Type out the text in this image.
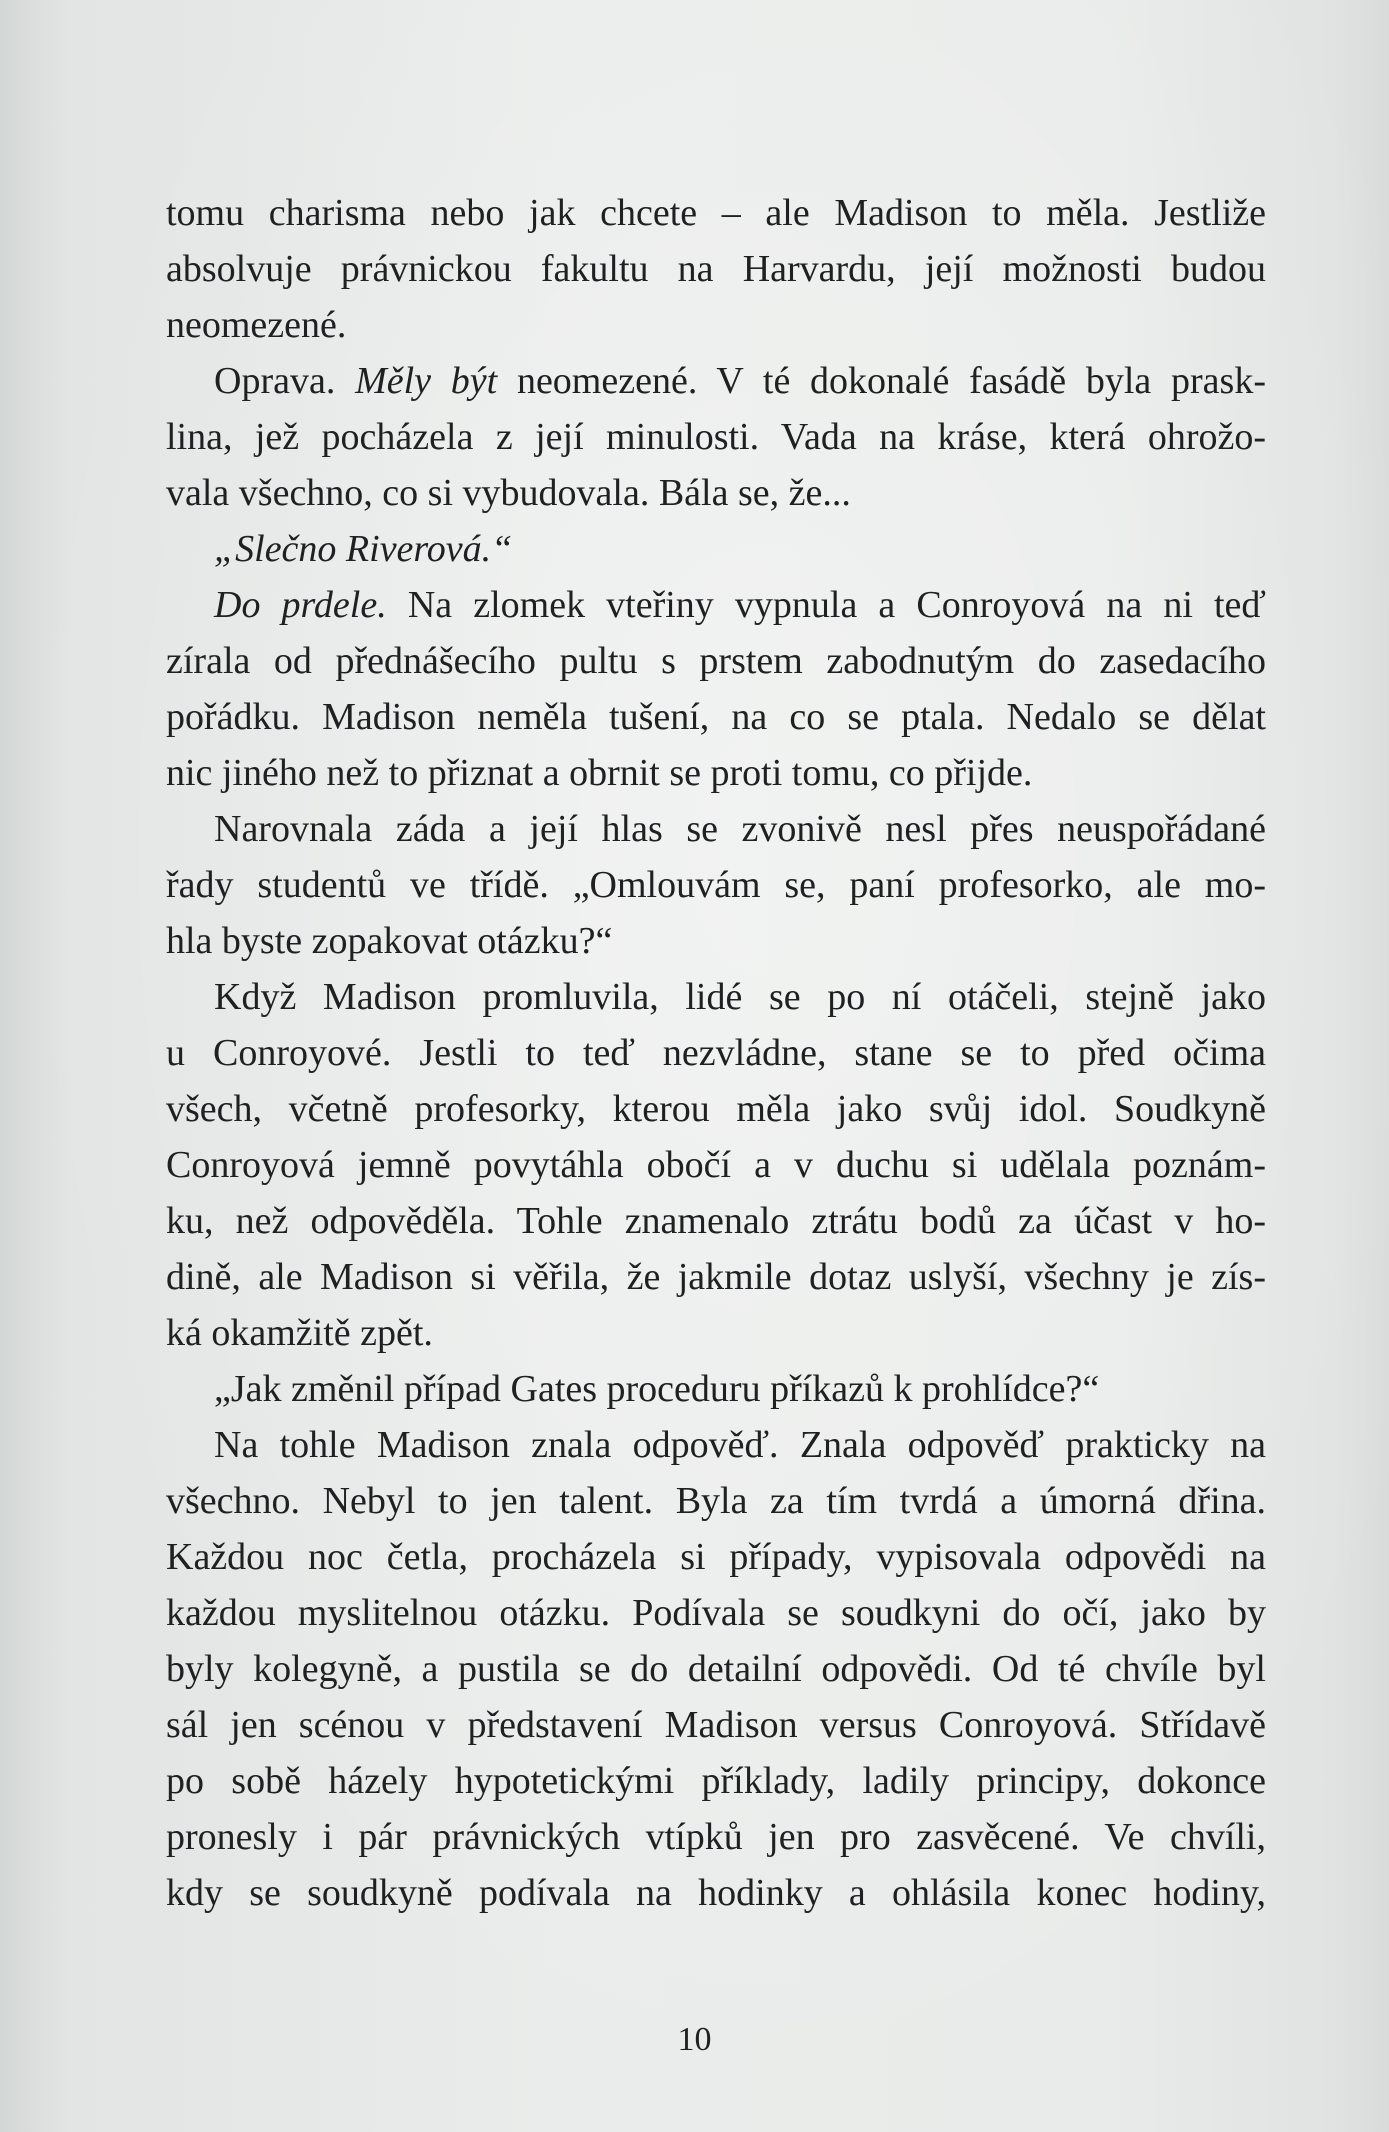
tomu charisma nebo jak chcete – ale Madison to měla. Jestliže
absolvuje právnickou fakultu na Harvardu, její možnosti budou
neomezené.
Oprava. Měly být neomezené. V té dokonalé fasádě byla prask-
lina, jež pocházela z její minulosti. Vada na kráse, která ohrožo-
vala všechno, co si vybudovala. Bála se, že...
„Slečno Riverová.“
Do prdele. Na zlomek vteřiny vypnula a Conroyová na ni teď
zírala od přednášecího pultu s prstem zabodnutým do zasedacího
pořádku. Madison neměla tušení, na co se ptala. Nedalo se dělat
nic jiného než to přiznat a obrnit se proti tomu, co přijde.
Narovnala záda a její hlas se zvonivě nesl přes neuspořádané
řady studentů ve třídě. „Omlouvám se, paní profesorko, ale mo-
hla byste zopakovat otázku?“
Když Madison promluvila, lidé se po ní otáčeli, stejně jako
u Conroyové. Jestli to teď nezvládne, stane se to před očima
všech, včetně profesorky, kterou měla jako svůj idol. Soudkyně
Conroyová jemně povytáhla obočí a v duchu si udělala poznám-
ku, než odpověděla. Tohle znamenalo ztrátu bodů za účast v ho-
dině, ale Madison si věřila, že jakmile dotaz uslyší, všechny je zís-
ká okamžitě zpět.
„Jak změnil případ Gates proceduru příkazů k prohlídce?“
Na tohle Madison znala odpověď. Znala odpověď prakticky na
všechno. Nebyl to jen talent. Byla za tím tvrdá a úmorná dřina.
Každou noc četla, procházela si případy, vypisovala odpovědi na
každou myslitelnou otázku. Podívala se soudkyni do očí, jako by
byly kolegyně, a pustila se do detailní odpovědi. Od té chvíle byl
sál jen scénou v představení Madison versus Conroyová. Střídavě
po sobě házely hypotetickými příklady, ladily principy, dokonce
pronesly i pár právnických vtípků jen pro zasvěcené. Ve chvíli,
kdy se soudkyně podívala na hodinky a ohlásila konec hodiny,
10
